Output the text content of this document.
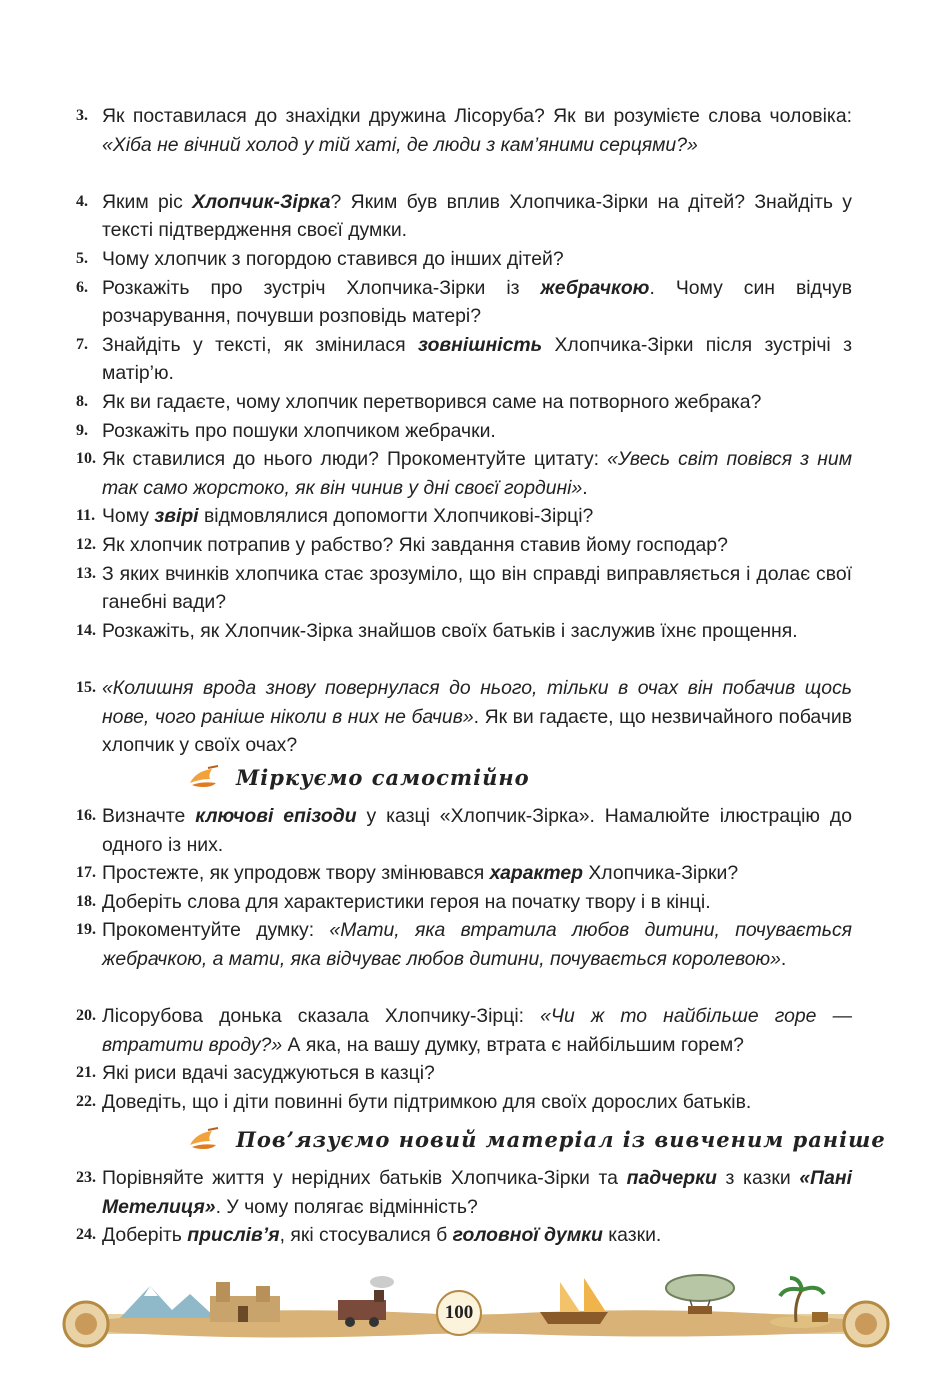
3. Як поставилася до знахідки дружина Лісоруба? Як ви розумієте слова чоловіка: «Хіба не вічний холод у тій хаті, де люди з кам’яними серцями?»
4. Яким ріс Хлопчик-Зірка? Яким був вплив Хлопчика-Зірки на дітей? Знайдіть у тексті підтвердження своєї думки.
5. Чому хлопчик з погордою ставився до інших дітей?
6. Розкажіть про зустріч Хлопчика-Зірки із жебрачкою. Чому син відчув розчарування, почувши розповідь матері?
7. Знайдіть у тексті, як змінилася зовнішність Хлопчика-Зірки після зустрічі з матір’ю.
8. Як ви гадаєте, чому хлопчик перетворився саме на потворного жебрака?
9. Розкажіть про пошуки хлопчиком жебрачки.
10. Як ставилися до нього люди? Прокоментуйте цитату: «Увесь світ повівся з ним так само жорстоко, як він чинив у дні своєї гордині».
11. Чому звірі відмовлялися допомогти Хлопчикові-Зірці?
12. Як хлопчик потрапив у рабство? Які завдання ставив йому господар?
13. З яких вчинків хлопчика стає зрозуміло, що він справді виправляється і долає свої ганебні вади?
14. Розкажіть, як Хлопчик-Зірка знайшов своїх батьків і заслужив їхнє прощення.
15. «Колишня врода знову повернулася до нього, тільки в очах він побачив щось нове, чого раніше ніколи в них не бачив». Як ви гадаєте, що незвичайного побачив хлопчик у своїх очах?
Міркуємо самостійно
16. Визначте ключові епізоди у казці «Хлопчик-Зірка». Намалюйте ілюстрацію до одного із них.
17. Простежте, як упродовж твору змінювався характер Хлопчика-Зірки?
18. Доберіть слова для характеристики героя на початку твору і в кінці.
19. Прокоментуйте думку: «Мати, яка втратила любов дитини, почувається жебрачкою, а мати, яка відчуває любов дитини, почувається королевою».
20. Лісорубова донька сказала Хлопчику-Зірці: «Чи ж то найбільше горе — втратити вроду?» А яка, на вашу думку, втрата є найбільшим горем?
21. Які риси вдачі засуджуються в казці?
22. Доведіть, що і діти повинні бути підтримкою для своїх дорослих батьків.
Пов’язуємо новий матеріал із вивченим раніше
23. Порівняйте життя у нерідних батьків Хлопчика-Зірки та падчерки з казки «Пані Метелиця». У чому полягає відмінність?
24. Доберіть прислів’я, які стосувалися б головної думки казки.
100
